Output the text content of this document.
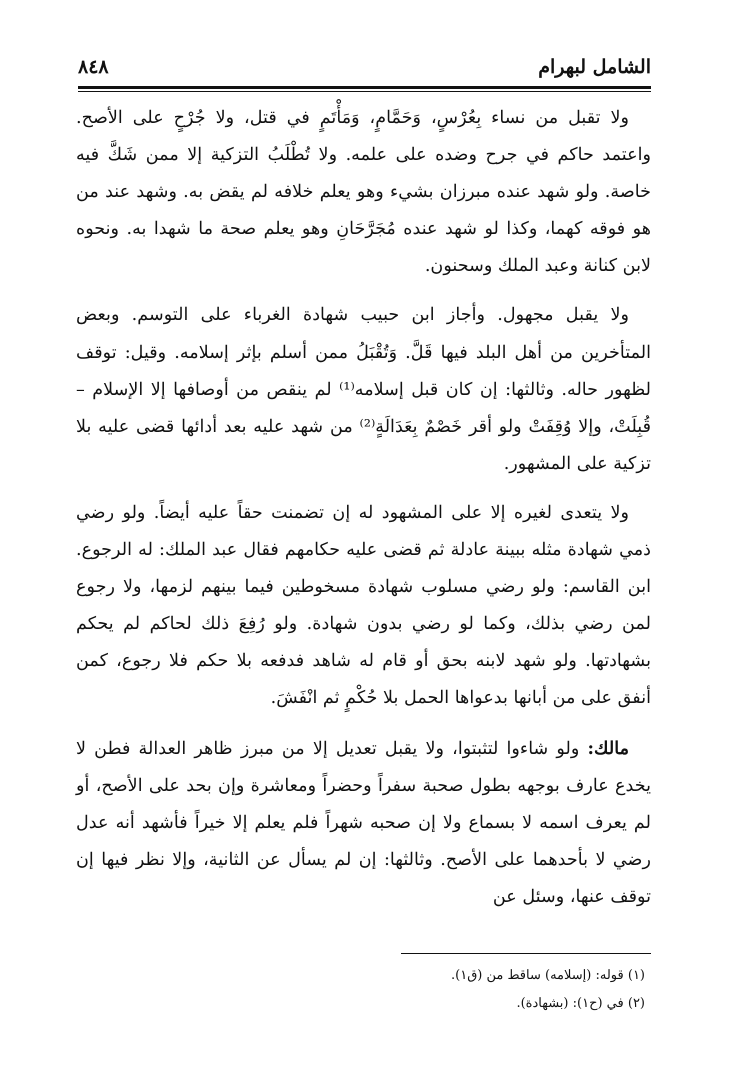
الشامل لبهرام
٨٤٨

ولا تقبل من نساء بِعُرْسٍ، وَحَمَّامٍ، وَمَأْتَمٍ في قتل، ولا جُرْحٍ على الأصح. واعتمد حاكم في جرح وضده على علمه. ولا تُطْلَبُ التزكية إلا ممن شَكَّ فيه خاصة. ولو شهد عنده مبرزان بشيء وهو يعلم خلافه لم يقض به. وشهد عند من هو فوقه كهما، وكذا لو شهد عنده مُجَرَّحَانِ وهو يعلم صحة ما شهدا به. ونحوه لابن كنانة وعبد الملك وسحنون.

ولا يقبل مجهول. وأجاز ابن حبيب شهادة الغرباء على التوسم. وبعض المتأخرين من أهل البلد فيها قَلَّ. وَتُقْبَلُ ممن أسلم بإثر إسلامه. وقيل: توقف لظهور حاله. وثالثها: إن كان قبل إسلامه⁽¹⁾ لم ينقص من أوصافها إلا الإسلام – قُبِلَتْ، وإلا وُقِفَتْ ولو أقر خَصْمٌ بِعَدَالَةٍ⁽²⁾ من شهد عليه بعد أدائها قضى عليه بلا تزكية على المشهور.

ولا يتعدى لغيره إلا على المشهود له إن تضمنت حقاً عليه أيضاً. ولو رضي ذمي شهادة مثله ببينة عادلة ثم قضى عليه حكامهم فقال عبد الملك: له الرجوع. ابن القاسم: ولو رضي مسلوب شهادة مسخوطين فيما بينهم لزمها، ولا رجوع لمن رضي بذلك، وكما لو رضي بدون شهادة. ولو رُفِعَ ذلك لحاكم لم يحكم بشهادتها. ولو شهد لابنه بحق أو قام له شاهد فدفعه بلا حكم فلا رجوع، كمن أنفق على من أبانها بدعواها الحمل بلا حُكْمٍ ثم انْفَشَ.

مالك: ولو شاءوا لتثبتوا، ولا يقبل تعديل إلا من مبرز ظاهر العدالة فطن لا يخدع عارف بوجهه بطول صحبة سفراً وحضراً ومعاشرة وإن بحد على الأصح، أو لم يعرف اسمه لا بسماع ولا إن صحبه شهراً فلم يعلم إلا خيراً فأشهد أنه عدل رضي لا بأحدهما على الأصح. وثالثها: إن لم يسأل عن الثانية، وإلا نظر فيها إن توقف عنها، وسئل عن

(١) قوله: (إسلامه) ساقط من (ق١).
(٢) في (ح١): (بشهادة).
